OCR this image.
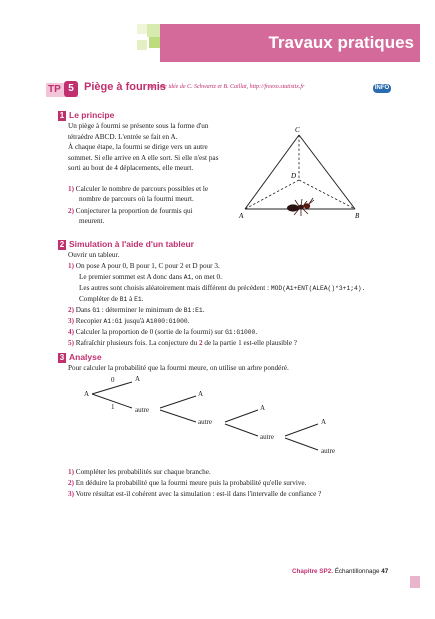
Travaux pratiques
TP 5 Piège à fourmis
sur une idée de C. Schwartz et B. Caillat, http://freeso.statistix.fr	INFO
1 Le principe
Un piège à fourmi se présente sous la forme d'un
tétraèdre ABCD. L'entrée se fait en A.
À chaque étape, la fourmi se dirige vers un autre
sommet. Si elle arrive en A elle sort. Si elle n'est pas
sorti au bout de 4 déplacements, elle meurt.
1) Calculer le nombre de parcours possibles et le
nombre de parcours où la fourmi meurt.
2) Conjecturer la proportion de fourmis qui
meurent.
C
D
A	B
2 Simulation à l'aide d'un tableur
Ouvrir un tableur.
1) On pose A pour 0, B pour 1, C pour 2 et D pour 3.
Le premier sommet est A donc dans A1, on met 0.
Les autres sont choisis aléatoirement mais différent du précédent : MOD(A1+ENT(ALEA()*3+1;4).
Compléter de B1 à E1.
2) Dans G1 : déterminer le minimum de B1:E1.
3) Recopier A1:G1 jusqu'à A1000:G1000.
4) Calculer la proportion de 0 (sortie de la fourmi) sur G1:G1000.
5) Rafraîchir plusieurs fois. La conjecture du 2 de la partie 1 est-elle plausible ?
3 Analyse
Pour calculer la probabilité que la fourmi meure, on utilise un arbre pondéré.
A
0
1
A
autre
A
autre
A
autre
A
autre
1) Compléter les probabilités sur chaque branche.
2) En déduire la probabilité que la fourmi meure puis la probabilité qu'elle survive.
3) Votre résultat est-il cohérent avec la simulation : est-il dans l'intervalle de confiance ?
Chapitre SP2. Échantillonnage 47
